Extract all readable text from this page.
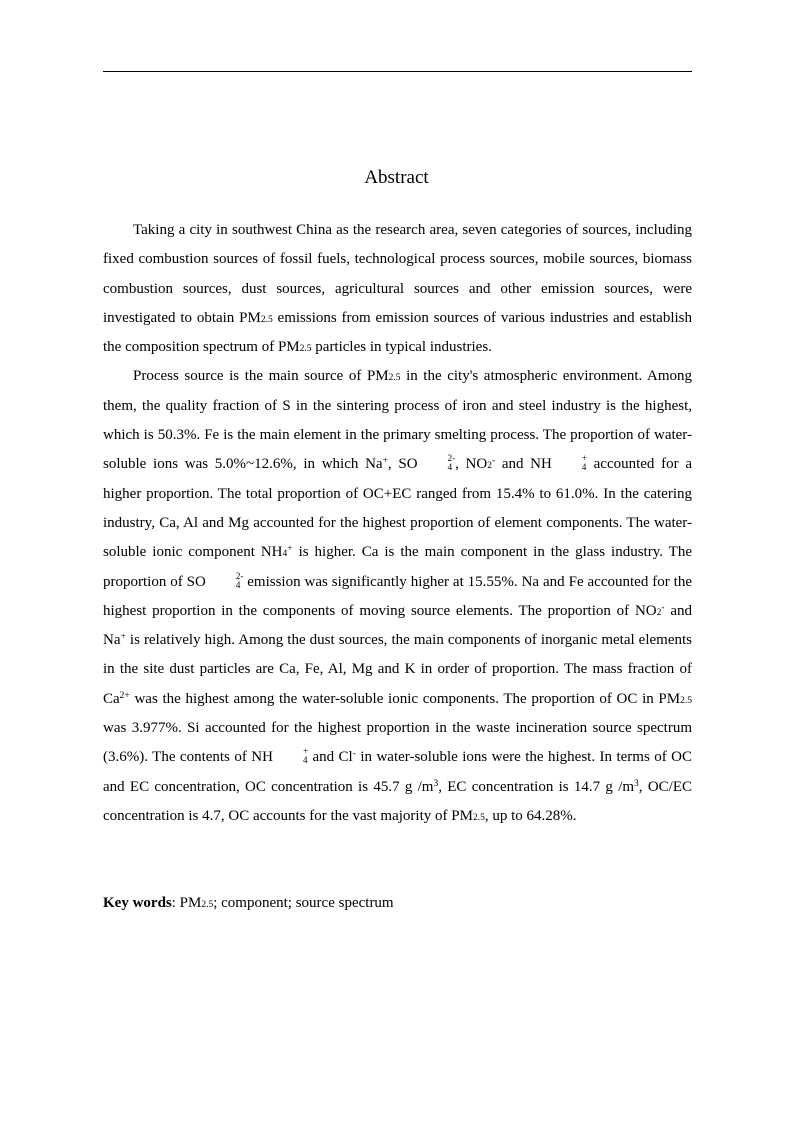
Abstract

Taking a city in southwest China as the research area, seven categories of sources, including fixed combustion sources of fossil fuels, technological process sources, mobile sources, biomass combustion sources, dust sources, agricultural sources and other emission sources, were investigated to obtain PM2.5 emissions from emission sources of various industries and establish the composition spectrum of PM2.5 particles in typical industries.

Process source is the main source of PM2.5 in the city's atmospheric environment. Among them, the quality fraction of S in the sintering process of iron and steel industry is the highest, which is 50.3%. Fe is the main element in the primary smelting process. The proportion of water-soluble ions was 5.0%~12.6%, in which Na+, SO	2-
4 , NO2- and NH	+
4 accounted for a higher proportion. The total proportion of OC+EC ranged from 15.4% to 61.0%. In the catering industry, Ca, Al and Mg accounted for the highest proportion of element components. The water-soluble ionic component NH4+ is higher. Ca is the main component in the glass industry. The proportion of SO	2-
4 emission was significantly higher at 15.55%. Na and Fe accounted for the highest proportion in the components of moving source elements. The proportion of NO2- and Na+ is relatively high. Among the dust sources, the main components of inorganic metal elements in the site dust particles are Ca, Fe, Al, Mg and K in order of proportion. The mass fraction of $Ca^{2+}$ was the highest among the water-soluble ionic components. The proportion of OC in PM2.5 was 3.977%. Si accounted for the highest proportion in the waste incineration source spectrum (3.6%). The contents of NH	+
4 and Cl- in water-soluble ions were the highest. In terms of OC and EC concentration, OC concentration is 45.7 g $/m^3$, EC concentration is 14.7 g $/m^3$, OC/EC concentration is 4.7, OC accounts for the vast majority of PM2.5, up to 64.28%.

Key words: PM2.5; component; source spectrum
